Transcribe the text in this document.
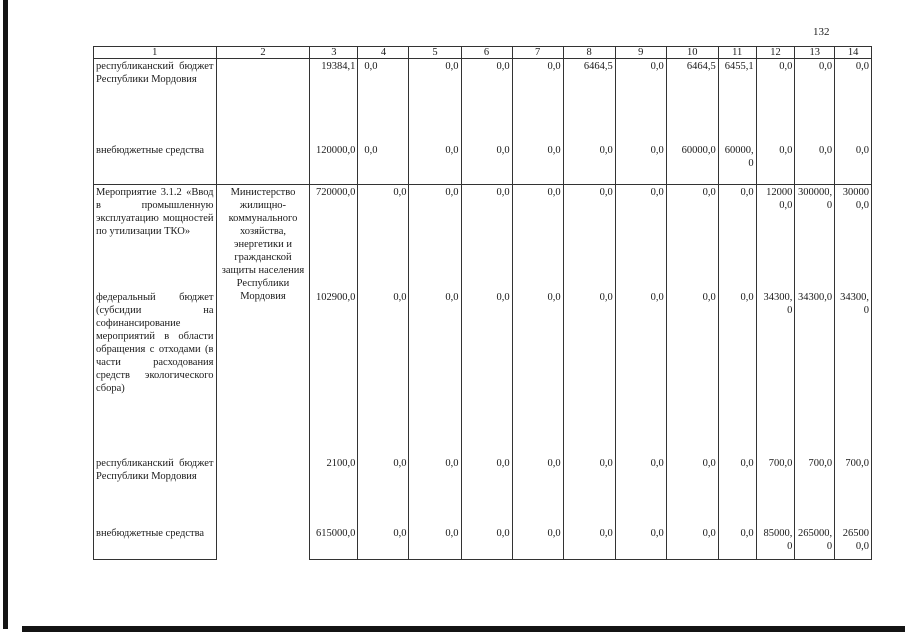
132
1	2	3	4	5	6	7	8	9	10	11	12	13	14
республиканский бюджет Республики Мордовия		19384,1	0,0	0,0	0,0	0,0	6464,5	0,0	6464,5	6455,1	0,0	0,0	0,0
внебюджетные средства		120000,0	0,0	0,0	0,0	0,0	0,0	0,0	60000,0	60000,0	0,0	0,0	0,0
Мероприятие 3.1.2 «Ввод в промышленную эксплуатацию мощностей по утилизации ТКО»	Министерство жилищно-коммунального хозяйства, энергетики и гражданской защиты населения Республики Мордовия	720000,0	0,0	0,0	0,0	0,0	0,0	0,0	0,0	0,0	120000,0	300000,0	300000,0
федеральный бюджет (субсидии на софинансирование мероприятий в области обращения с отходами (в части расходования средств экологического сбора)		102900,0	0,0	0,0	0,0	0,0	0,0	0,0	0,0	0,0	34300,0	34300,0	34300,0
республиканский бюджет Республики Мордовия		2100,0	0,0	0,0	0,0	0,0	0,0	0,0	0,0	0,0	700,0	700,0	700,0
внебюджетные средства		615000,0	0,0	0,0	0,0	0,0	0,0	0,0	0,0	0,0	85000,0	265000,0	265000,0
